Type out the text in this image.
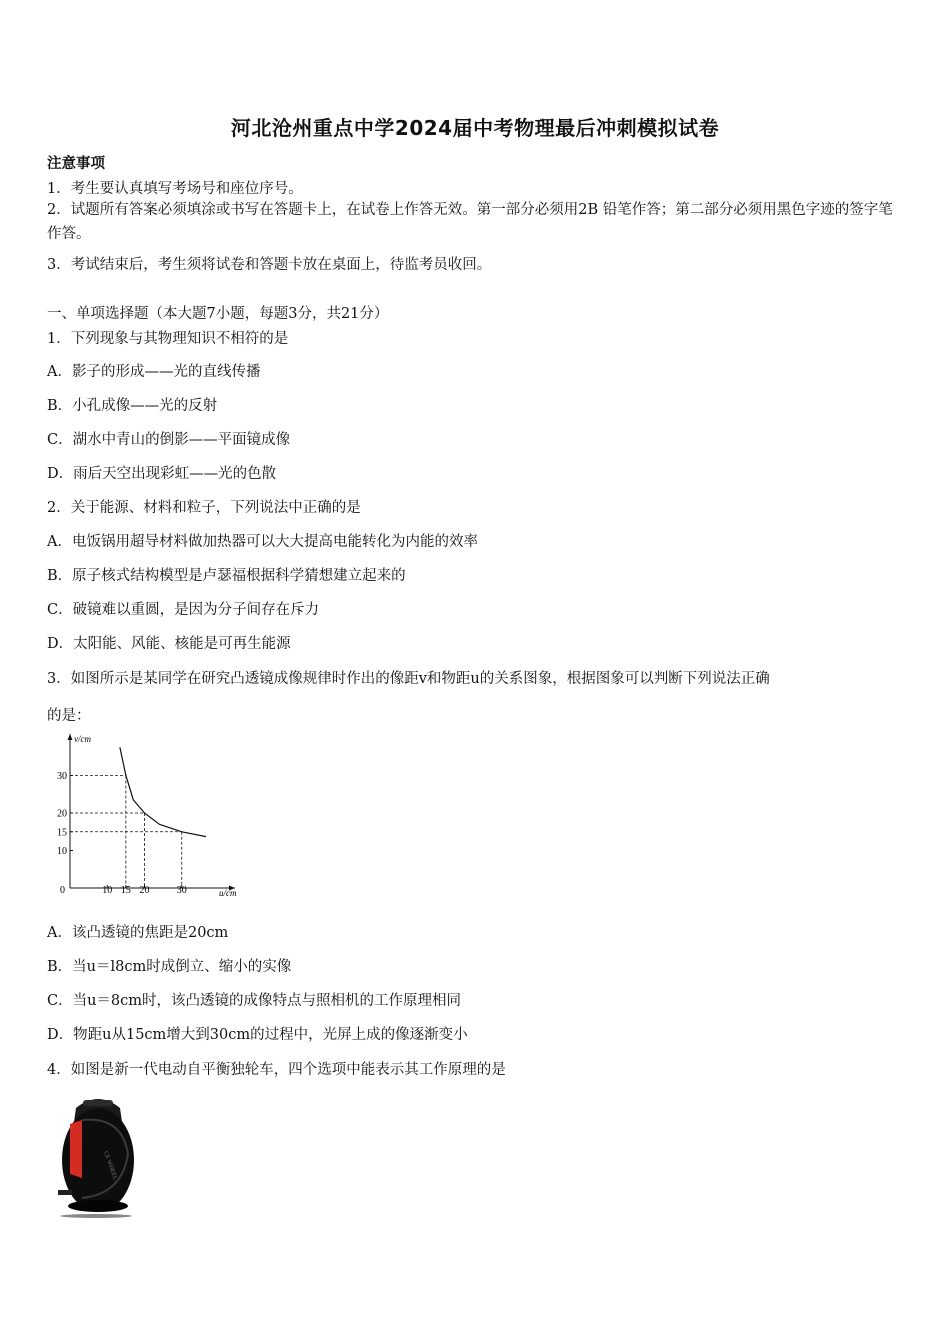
河北沧州重点中学2024届中考物理最后冲刺模拟试卷
注意事项
1．考生要认真填写考场号和座位序号。
2．试题所有答案必须填涂或书写在答题卡上，在试卷上作答无效。第一部分必须用2B 铅笔作答；第二部分必须用黑色字迹的签字笔作答。
3．考试结束后，考生须将试卷和答题卡放在桌面上，待监考员收回。
一、单项选择题（本大题7小题，每题3分，共21分）
1．下列现象与其物理知识不相符的是
A．影子的形成——光的直线传播
B．小孔成像——光的反射
C．湖水中青山的倒影——平面镜成像
D．雨后天空出现彩虹——光的色散
2．关于能源、材料和粒子，下列说法中正确的是
A．电饭锅用超导材料做加热器可以大大提高电能转化为内能的效率
B．原子核式结构模型是卢瑟福根据科学猜想建立起来的
C．破镜难以重圆，是因为分子间存在斥力
D．太阳能、风能、核能是可再生能源
3．如图所示是某同学在研究凸透镜成像规律时作出的像距v和物距u的关系图象，根据图象可以判断下列说法正确
的是：
0	10 15 20	30
10
15
20
30
v/cm
u/cm
A．该凸透镜的焦距是20cm
B．当u＝l8cm时成倒立、缩小的实像
C．当u＝8cm时，该凸透镜的成像特点与照相机的工作原理相同
D．物距u从15cm增大到30cm的过程中，光屏上成的像逐渐变小
4．如图是新一代电动自平衡独轮车，四个选项中能表示其工作原理的是
CE WHEEL
